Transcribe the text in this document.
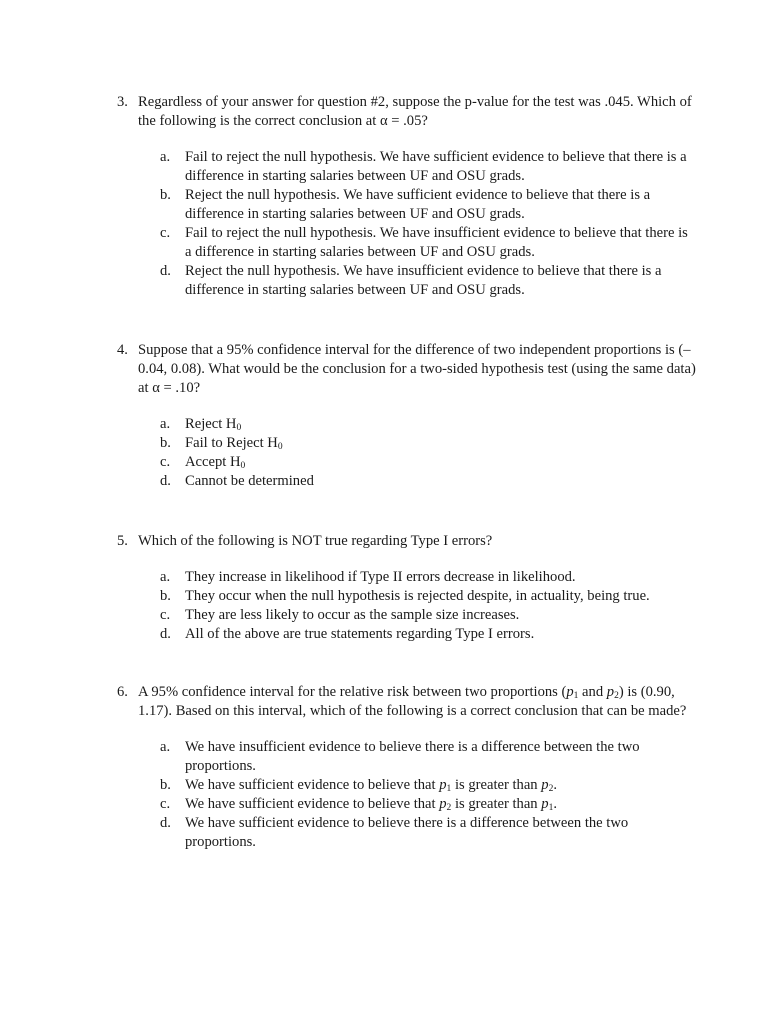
3. Regardless of your answer for question #2, suppose the p-value for the test was .045. Which of the following is the correct conclusion at α = .05?
a. Fail to reject the null hypothesis. We have sufficient evidence to believe that there is a difference in starting salaries between UF and OSU grads.
b. Reject the null hypothesis. We have sufficient evidence to believe that there is a difference in starting salaries between UF and OSU grads.
c. Fail to reject the null hypothesis. We have insufficient evidence to believe that there is a difference in starting salaries between UF and OSU grads.
d. Reject the null hypothesis. We have insufficient evidence to believe that there is a difference in starting salaries between UF and OSU grads.
4. Suppose that a 95% confidence interval for the difference of two independent proportions is (–0.04, 0.08). What would be the conclusion for a two-sided hypothesis test (using the same data) at α = .10?
a. Reject $H_0$
b. Fail to Reject $H_0$
c. Accept $H_0$
d. Cannot be determined
5. Which of the following is NOT true regarding Type I errors?
a. They increase in likelihood if Type II errors decrease in likelihood.
b. They occur when the null hypothesis is rejected despite, in actuality, being true.
c. They are less likely to occur as the sample size increases.
d. All of the above are true statements regarding Type I errors.
6. A 95% confidence interval for the relative risk between two proportions ($p_1$ and $p_2$) is (0.90, 1.17). Based on this interval, which of the following is a correct conclusion that can be made?
a. We have insufficient evidence to believe there is a difference between the two proportions.
b. We have sufficient evidence to believe that $p_1$ is greater than $p_2$.
c. We have sufficient evidence to believe that $p_2$ is greater than $p_1$.
d. We have sufficient evidence to believe there is a difference between the two proportions.
